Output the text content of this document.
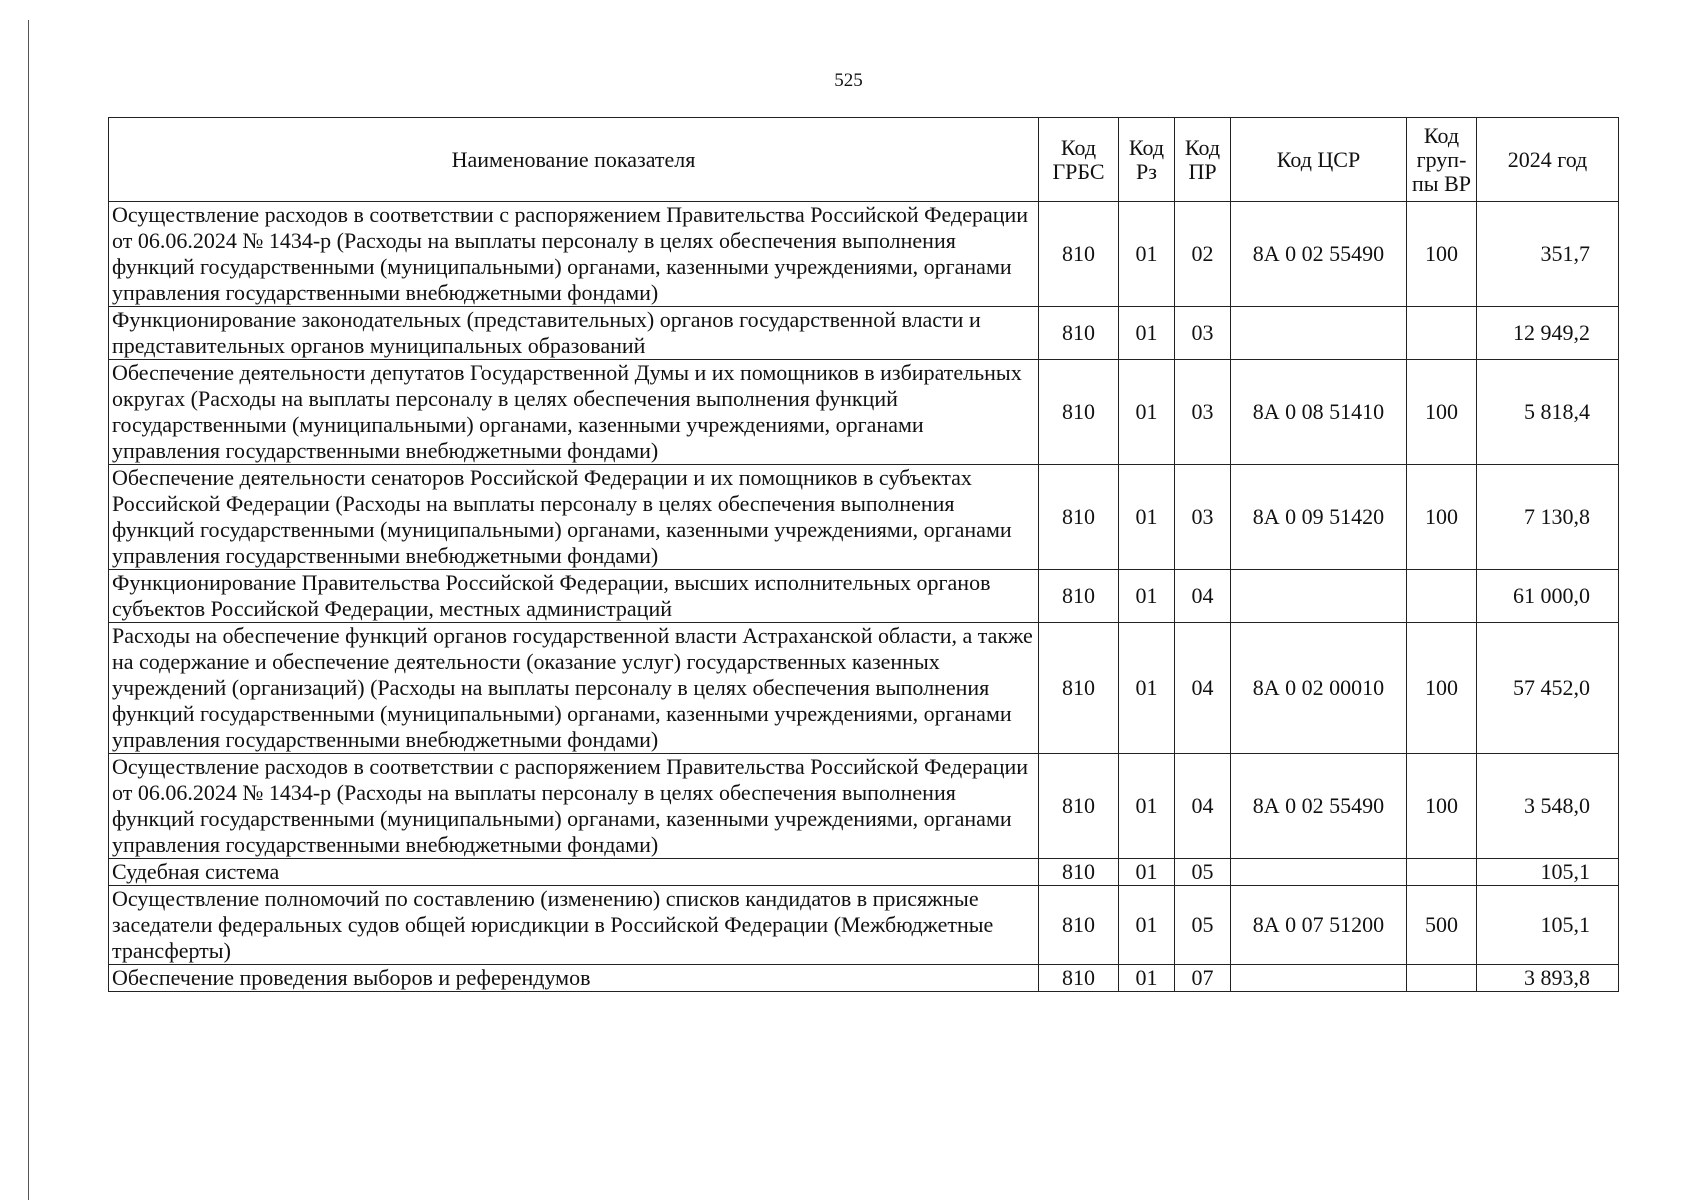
525
Наименование показателя	Код ГРБС	Код Рз	Код ПР	Код ЦСР	Код груп-пы ВР	2024 год
Осуществление расходов в соответствии с распоряжением Правительства Российской Федерации от 06.06.2024 № 1434-р (Расходы на выплаты персоналу в целях обеспечения выполнения функций государственными (муниципальными) органами, казенными учреждениями, органами управления государственными внебюджетными фондами)	810	01	02	8А 0 02 55490	100	351,7
Функционирование законодательных (представительных) органов государственной власти и представительных органов муниципальных образований	810	01	03			12 949,2
Обеспечение деятельности депутатов Государственной Думы и их помощников в избирательных округах (Расходы на выплаты персоналу в целях обеспечения выполнения функций государственными (муниципальными) органами, казенными учреждениями, органами управления государственными внебюджетными фондами)	810	01	03	8А 0 08 51410	100	5 818,4
Обеспечение деятельности сенаторов Российской Федерации и их помощников в субъектах Российской Федерации (Расходы на выплаты персоналу в целях обеспечения выполнения функций государственными (муниципальными) органами, казенными учреждениями, органами управления государственными внебюджетными фондами)	810	01	03	8А 0 09 51420	100	7 130,8
Функционирование Правительства Российской Федерации, высших исполнительных органов субъектов Российской Федерации, местных администраций	810	01	04			61 000,0
Расходы на обеспечение функций органов государственной власти Астраханской области, а также на содержание и обеспечение деятельности (оказание услуг) государственных казенных учреждений (организаций) (Расходы на выплаты персоналу в целях обеспечения выполнения функций государственными (муниципальными) органами, казенными учреждениями, органами управления государственными внебюджетными фондами)	810	01	04	8А 0 02 00010	100	57 452,0
Осуществление расходов в соответствии с распоряжением Правительства Российской Федерации от 06.06.2024 № 1434-р (Расходы на выплаты персоналу в целях обеспечения выполнения функций государственными (муниципальными) органами, казенными учреждениями, органами управления государственными внебюджетными фондами)	810	01	04	8А 0 02 55490	100	3 548,0
Судебная система	810	01	05			105,1
Осуществление полномочий по составлению (изменению) списков кандидатов в присяжные заседатели федеральных судов общей юрисдикции в Российской Федерации (Межбюджетные трансферты)	810	01	05	8А 0 07 51200	500	105,1
Обеспечение проведения выборов и референдумов	810	01	07			3 893,8
